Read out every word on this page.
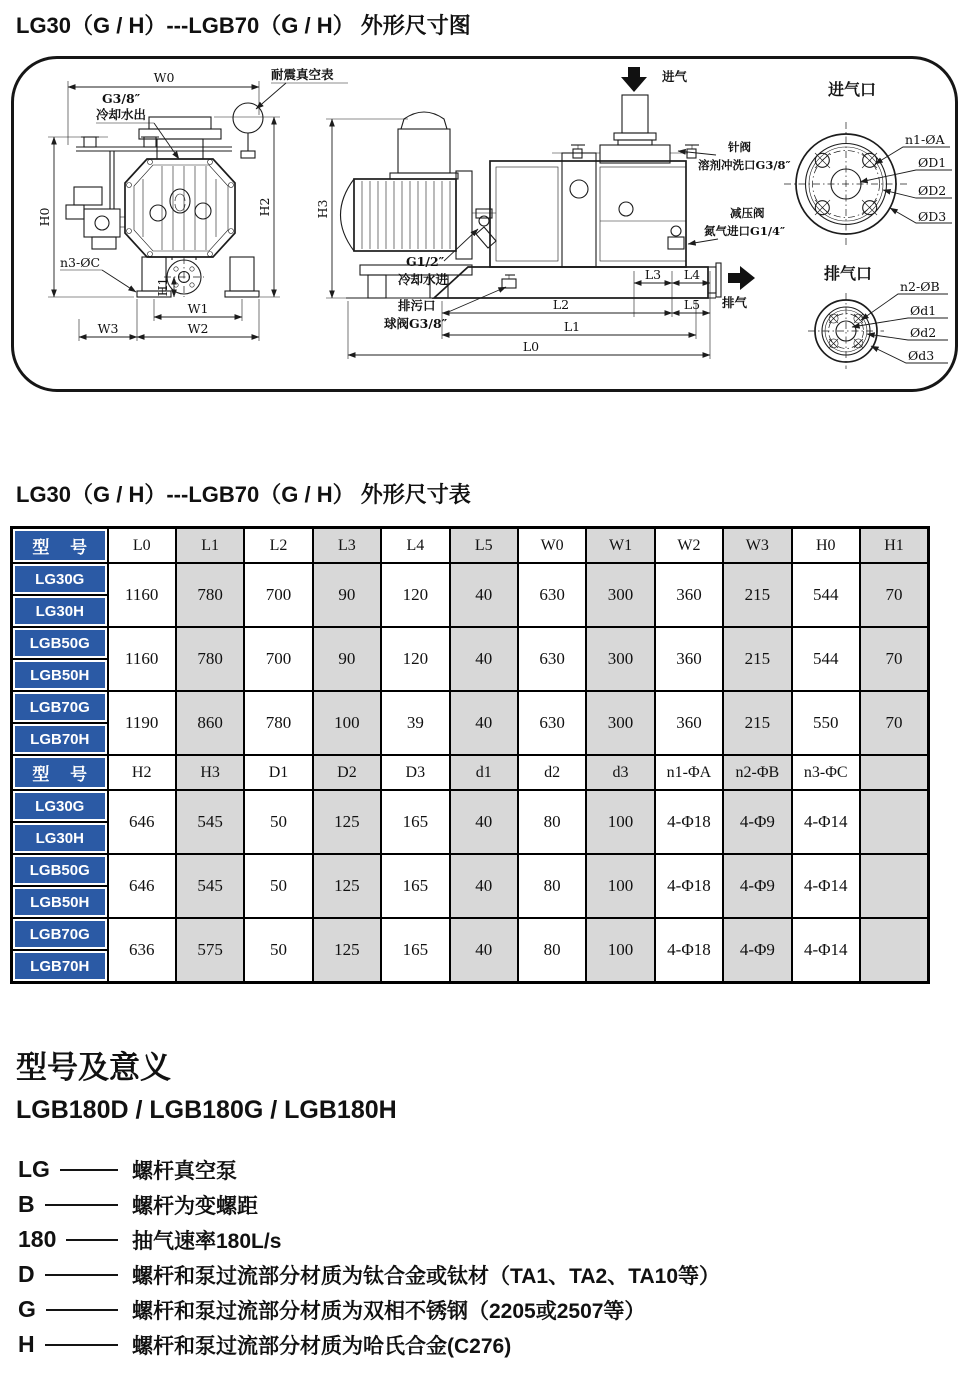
LG30（G / H）---LGB70（G / H） 外形尺寸图
W0	耐震真空表
G3/8″
冷却水出
H0
H2
H1
n3-ØC
W1
W2
W3
进气
针阀
溶剂冲洗口G3/8″
减压阀
氮气进口G1/4″
G1/2″
冷却水进
排污口
球阀G3/8″
排气
H3
L3 L4
L2	L5
L1
L0
进气口
n1-ØA
ØD1
ØD2
ØD3
排气口
n2-ØB
Ød1
Ød2
Ød3
LG30（G / H）---LGB70（G / H） 外形尺寸表
型 号	L0	L1	L2	L3	L4	L5	W0	W1	W2	W3	H0	H1

LG30G	1160	780	700	90	120	40	630	300	360	215	544	70

LG30H												

LGB50G	1160	780	700	90	120	40	630	300	360	215	544	70

LGB50H												

LGB70G	1190	860	780	100	39	40	630	300	360	215	550	70

LGB70H												

型 号	H2	H3	D1	D2	D3	d1	d2	d3	n1-ΦA	n2-ΦB	n3-ΦC	

LG30G	646	545	50	125	165	40	80	100	4-Φ18	4-Φ9	4-Φ14	

LG30H												

LGB50G	646	545	50	125	165	40	80	100	4-Φ18	4-Φ9	4-Φ14	

LGB50H												

LGB70G	636	575	50	125	165	40	80	100	4-Φ18	4-Φ9	4-Φ14	

LGB70H												
型号及意义
LGB180D / LGB180G / LGB180H
LG	螺杆真空泵
B	螺杆为变螺距
180	抽气速率180L/s
D	螺杆和泵过流部分材质为钛合金或钛材（TA1、TA2、TA10等）
G	螺杆和泵过流部分材质为双相不锈钢（2205或2507等）
H	螺杆和泵过流部分材质为哈氏合金(C276)
